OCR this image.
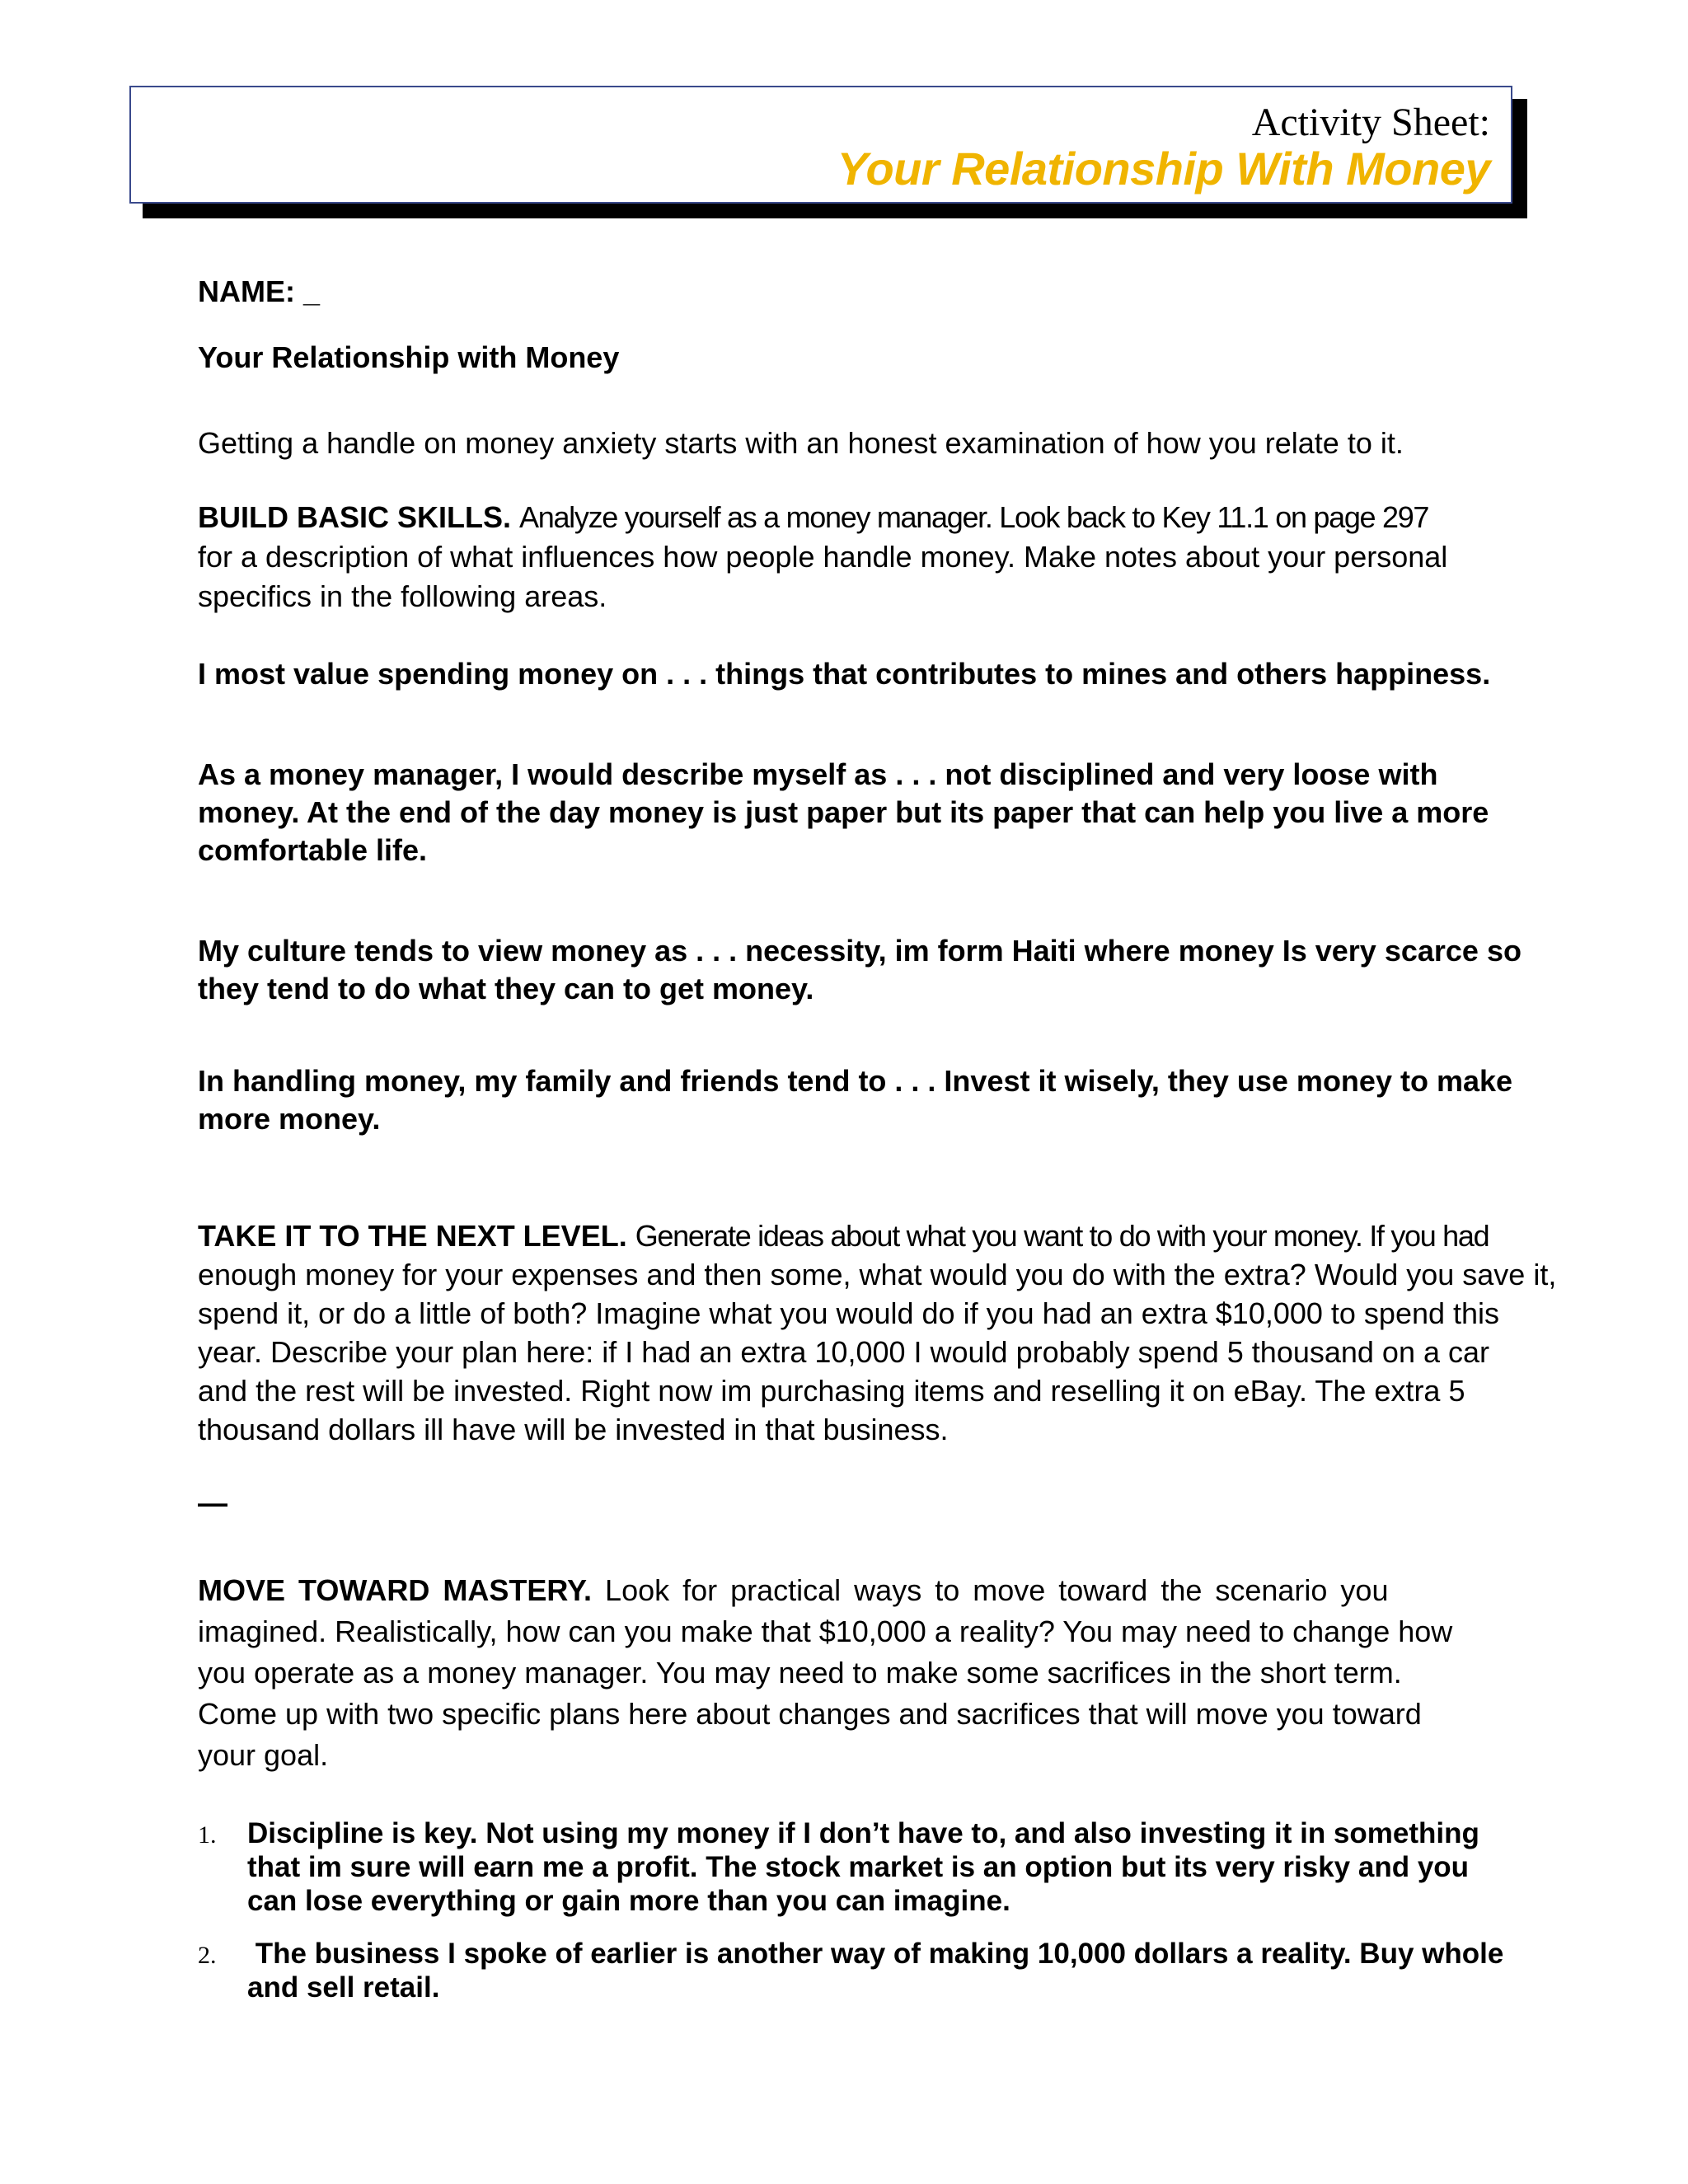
Activity Sheet:
Your Relationship With Money
NAME: _
Your Relationship with Money
Getting a handle on money anxiety starts with an honest examination of how you relate to it.
BUILD BASIC SKILLS. Analyze yourself as a money manager. Look back to Key 11.1 on page 297
for a description of what influences how people handle money. Make notes about your personal
specifics in the following areas.
I most value spending money on . . . things that contributes to mines and others happiness.
As a money manager, I would describe myself as . . . not disciplined and very loose with
money. At the end of the day money is just paper but its paper that can help you live a more
comfortable life.
My culture tends to view money as . . . necessity, im form Haiti where money Is very scarce so
they tend to do what they can to get money.
In handling money, my family and friends tend to . . . Invest it wisely, they use money to make
more money.
TAKE IT TO THE NEXT LEVEL. Generate ideas about what you want to do with your money. If you had
enough money for your expenses and then some, what would you do with the extra? Would you save it,
spend it, or do a little of both? Imagine what you would do if you had an extra $10,000 to spend this
year. Describe your plan here: if I had an extra 10,000 I would probably spend 5 thousand on a car
and the rest will be invested. Right now im purchasing items and reselling it on eBay. The extra 5
thousand dollars ill have will be invested in that business.
—
MOVE TOWARD MASTERY. Look for practical ways to move toward the scenario you
imagined. Realistically, how can you make that $10,000 a reality? You may need to change how
you operate as a money manager. You may need to make some sacrifices in the short term.
Come up with two specific plans here about changes and sacrifices that will move you toward
your goal.
1. Discipline is key. Not using my money if I don’t have to, and also investing it in something
that im sure will earn me a profit. The stock market is an option but its very risky and you
can lose everything or gain more than you can imagine.
2. The business I spoke of earlier is another way of making 10,000 dollars a reality. Buy whole
and sell retail.
